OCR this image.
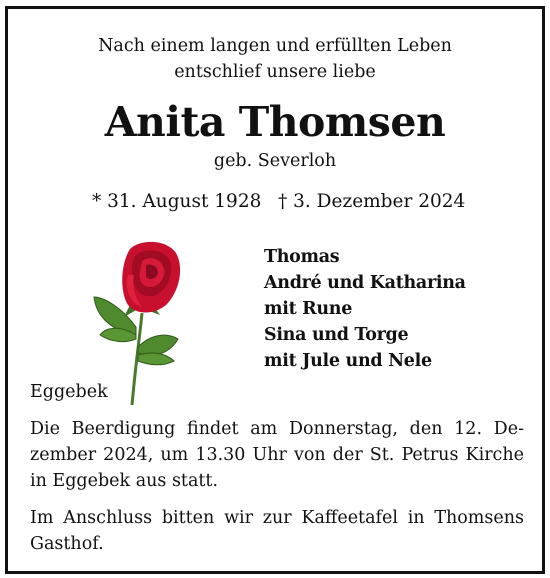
Nach einem langen und erfüllten Leben
entschlief unsere liebe
Anita Thomsen
geb. Severloh
* 31. August 1928 † 3. Dezember 2024
Thomas
André und Katharina
mit Rune
Sina und Torge
mit Jule und Nele
Eggebek
Die Beerdigung findet am Donnerstag, den 12. Dezember 2024, um 13.30 Uhr von der St. Petrus Kirche in Eggebek aus statt.
Im Anschluss bitten wir zur Kaffeetafel in Thomsens Gasthof.
